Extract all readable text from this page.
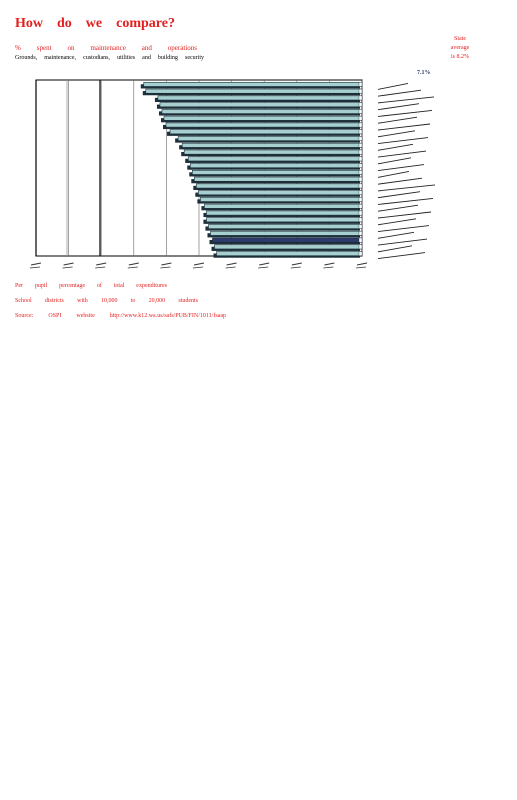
How do we compare?
% spent on maintenance and operations
Grounds, maintenance, custodians, utilities and building security
State
average
is 8.2%
7.1%
Per pupil percentage of total expenditures
School districts with 10,000 to 20,000 students
Source:	OSPI	website	http://www.k12.wa.us/safs/PUB/FIN/1011/fsaap
